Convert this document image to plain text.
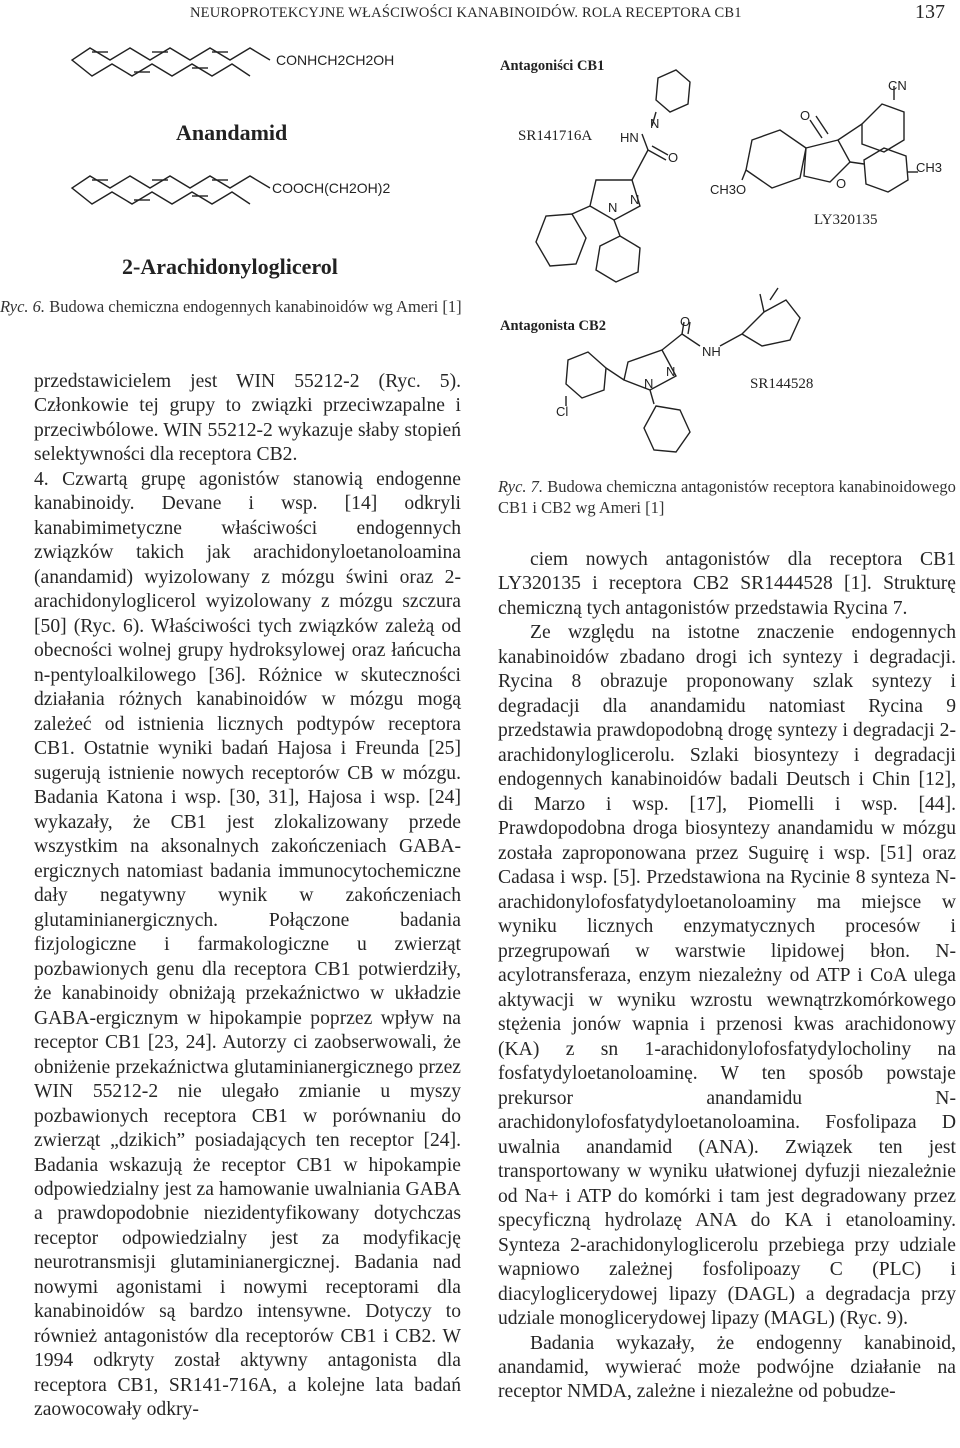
NEUROPROTEKCYJNE WŁAŚCIWOŚCI KANABINOIDÓW. ROLA RECEPTORA CB1	137
CONHCH2CH2OH
Anandamid
COOCH(CH2OH)2
2-Arachidonyloglicerol
Ryc. 6. Budowa chemiczna endogennych kanabinoidów wg Ameri [1]
Antagoniści CB1
SR141716A
LY320135
Antagonista CB2
SR144528
HN
N
O
N
N
CN
O
O
CH3O
CH3
Cl
O
NH
N
N
Ryc. 7. Budowa chemiczna antagonistów receptora kanabinoidowego CB1 i CB2 wg Ameri [1]

przedstawicielem jest WIN 55212-2 (Ryc. 5). Członkowie tej grupy to związki przeciwzapalne i przeciwbólowe. WIN 55212-2 wykazuje słaby stopień selektywności dla receptora CB2.

4. Czwartą grupę agonistów stanowią endogenne kanabinoidy. Devane i wsp. [14] odkryli kanabimimetyczne właściwości endogennych związków takich jak arachidonyloetanoloamina (anandamid) wyizolowany z mózgu świni oraz 2-arachidonyloglicerol wyizolowany z mózgu szczura [50] (Ryc. 6). Właściwości tych związków zależą od obecności wolnej grupy hydroksylowej oraz łańcucha n-pentyloalkilowego [36]. Różnice w skuteczności działania różnych kanabinoidów w mózgu mogą zależeć od istnienia licznych podtypów receptora CB1. Ostatnie wyniki badań Hajosa i Freunda [25] sugerują istnienie nowych receptorów CB w mózgu. Badania Katona i wsp. [30, 31], Hajosa i wsp. [24] wykazały, że CB1 jest zlokalizowany przede wszystkim na aksonalnych zakończeniach GABA-ergicznych natomiast badania immunocytochemiczne dały negatywny wynik w zakończeniach glutaminianergicznych. Połączone badania fizjologiczne i farmakologiczne u zwierząt pozbawionych genu dla receptora CB1 potwierdziły, że kanabinoidy obniżają przekaźnictwo w układzie GABA-ergicznym w hipokampie poprzez wpływ na receptor CB1 [23, 24]. Autorzy ci zaobserwowali, że obniżenie przekaźnictwa glutaminianergicznego przez WIN 55212-2 nie ulegało zmianie u myszy pozbawionych receptora CB1 w porównaniu do zwierząt „dzikich” posiadających ten receptor [24]. Badania wskazują że receptor CB1 w hipokampie odpowiedzialny jest za hamowanie uwalniania GABA a prawdopodobnie niezidentyfikowany dotychczas receptor odpowiedzialny jest za modyfikację neurotransmisji glutaminianergicznej. Badania nad nowymi agonistami i nowymi receptorami dla kanabinoidów są bardzo intensywne. Dotyczy to również antagonistów dla receptorów CB1 i CB2. W 1994 odkryty został aktywny antagonista dla receptora CB1, SR141-716A, a kolejne lata badań zaowocowały odkry-

ciem nowych antagonistów dla receptora CB1 LY320135 i receptora CB2 SR1444528 [1]. Strukturę chemiczną tych antagonistów przedstawia Rycina 7.

Ze względu na istotne znaczenie endogennych kanabinoidów zbadano drogi ich syntezy i degradacji. Rycina 8 obrazuje proponowany szlak syntezy i degradacji dla anandamidu natomiast Rycina 9 przedstawia prawdopodobną drogę syntezy i degradacji 2-arachidonyloglicerolu. Szlaki biosyntezy i degradacji endogennych kanabinoidów badali Deutsch i Chin [12], di Marzo i wsp. [17], Piomelli i wsp. [44]. Prawdopodobna droga biosyntezy anandamidu w mózgu została zaproponowana przez Suguirę i wsp. [51] oraz Cadasa i wsp. [5]. Przedstawiona na Rycinie 8 synteza N-arachidonylofosfatydyloetanoloaminy ma miejsce w wyniku licznych enzymatycznych procesów i przegrupowań w warstwie lipidowej błon. N-acylotransferaza, enzym niezależny od ATP i CoA ulega aktywacji w wyniku wzrostu wewnątrzkomórkowego stężenia jonów wapnia i przenosi kwas arachidonowy (KA) z sn 1-arachidonylofosfatydylocholiny na fosfatydyloetanoloaminę. W ten sposób powstaje prekursor anandamidu N-arachidonylofosfatydyloetanoloamina. Fosfolipaza D uwalnia anandamid (ANA). Związek ten jest transportowany w wyniku ułatwionej dyfuzji niezależnie od Na+ i ATP do komórki i tam jest degradowany przez specyficzną hydrolazę ANA do KA i etanoloaminy. Synteza 2-arachidonyloglicerolu przebiega przy udziale wapniowo zależnej fosfolipoazy C (PLC) i diacyloglicerydowej lipazy (DAGL) a degradacja przy udziale monoglicerydowej lipazy (MAGL) (Ryc. 9).

Badania wykazały, że endogenny kanabinoid, anandamid, wywierać może podwójne działanie na receptor NMDA, zależne i niezależne od pobudze-
